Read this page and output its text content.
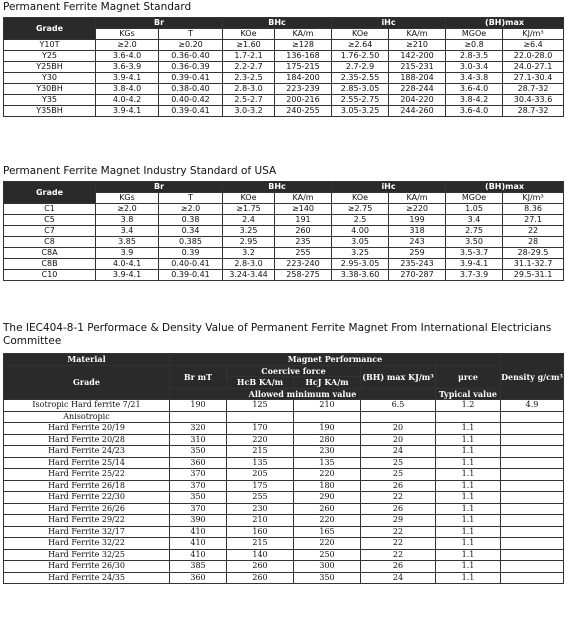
Permanent Ferrite Magnet Standard
Grade	Br		BHc		iHc		(BH)max	
	KGs	T	KOe	KA/m	KOe	KA/m	MGOe	KJ/m³
Y10T	≥2.0	≥0.20	≥1.60	≥128	≥2.64	≥210	≥0.8	≥6.4
Y25	3.6-4.0	0.36-0.40	1.7-2.1	136-168	1.76-2.50	142-200	2.8-3.5	22.0-28.0
Y25BH	3.6-3.9	0.36-0.39	2.2-2.7	175-215	2.7-2.9	215-231	3.0-3.4	24.0-27.1
Y30	3.9-4.1	0.39-0.41	2.3-2.5	184-200	2.35-2.55	188-204	3.4-3.8	27.1-30.4
Y30BH	3.8-4.0	0.38-0.40	2.8-3.0	223-239	2.85-3.05	228-244	3.6-4.0	28.7-32
Y35	4.0-4.2	0.40-0.42	2.5-2.7	200-216	2.55-2.75	204-220	3.8-4.2	30.4-33.6
Y35BH	3.9-4.1	0.39-0.41	3.0-3.2	240-255	3.05-3.25	244-260	3.6-4.0	28.7-32
Permanent Ferrite Magnet Industry Standard of USA
Grade	Br		BHc		iHc		(BH)max	
	KGs	T	KOe	KA/m	KOe	KA/m	MGOe	KJ/m³
C1	≥2.0	≥2.0	≥1.75	≥140	≥2.75	≥220	1.05	8.36
C5	3.8	0.38	2.4	191	2.5	199	3.4	27.1
C7	3.4	0.34	3.25	260	4.00	318	2.75	22
C8	3.85	0.385	2.95	235	3.05	243	3.50	28
C8A	3.9	0.39	3.2	255	3.25	259	3.5-3.7	28-29.5
C8B	4.0-4.1	0.40-0.41	2.8-3.0	223-240	2.95-3.05	235-243	3.9-4.1	31.1-32.7
C10	3.9-4.1	0.39-0.41	3.24-3.44	258-275	3.38-3.60	270-287	3.7-3.9	29.5-31.1
The IEC404-8-1 Performace & Density Value of Permanent Ferrite Magnet From International Electricians Committee
Material	Magnet Performance					Density g/cm³
Grade	Br mT	Coercive force		(BH) max KJ/m³	μrce	
		HcB KA/m	HcJ KA/m			
	Allowed minimum value				Typical value	
Isotropic Hard ferrite 7/21	190	125	210	6.5	1.2	4.9
Anisotropic						
Hard Ferrite 20/19	320	170	190	20	1.1	
Hard Ferrite 20/28	310	220	280	20	1.1	
Hard Ferrite 24/23	350	215	230	24	1.1	
Hard Ferrite 25/14	360	135	135	25	1.1	
Hard Ferrite 25/22	370	205	220	25	1.1	
Hard Ferrite 26/18	370	175	180	26	1.1	
Hard Ferrite 22/30	350	255	290	22	1.1	
Hard Ferrite 26/26	370	230	260	26	1.1	
Hard Ferrite 29/22	390	210	220	29	1.1	
Hard Ferrite 32/17	410	160	165	22	1.1	
Hard Ferrite 32/22	410	215	220	22	1.1	
Hard Ferrite 32/25	410	140	250	22	1.1	
Hard Ferrite 26/30	385	260	300	26	1.1	
Hard Ferrite 24/35	360	260	350	24	1.1	
